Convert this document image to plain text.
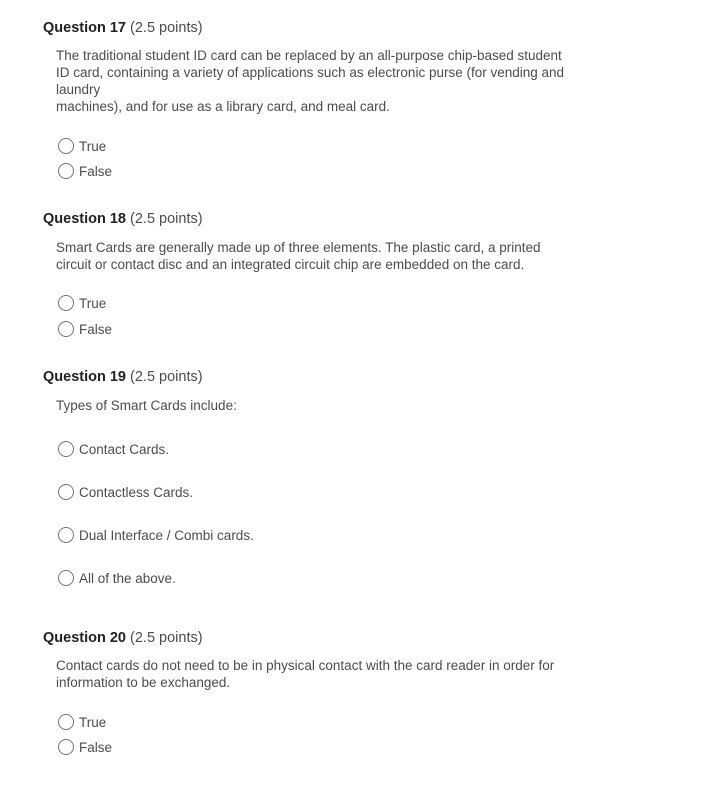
Question 17 (2.5 points)
The traditional student ID card can be replaced by an all-purpose chip-based student
ID card, containing a variety of applications such as electronic purse (for vending and
laundry
machines), and for use as a library card, and meal card.
True
False
Question 18 (2.5 points)
Smart Cards are generally made up of three elements. The plastic card, a printed
circuit or contact disc and an integrated circuit chip are embedded on the card.
True
False
Question 19 (2.5 points)
Types of Smart Cards include:
Contact Cards.
Contactless Cards.
Dual Interface / Combi cards.
All of the above.
Question 20 (2.5 points)
Contact cards do not need to be in physical contact with the card reader in order for
information to be exchanged.
True
False
